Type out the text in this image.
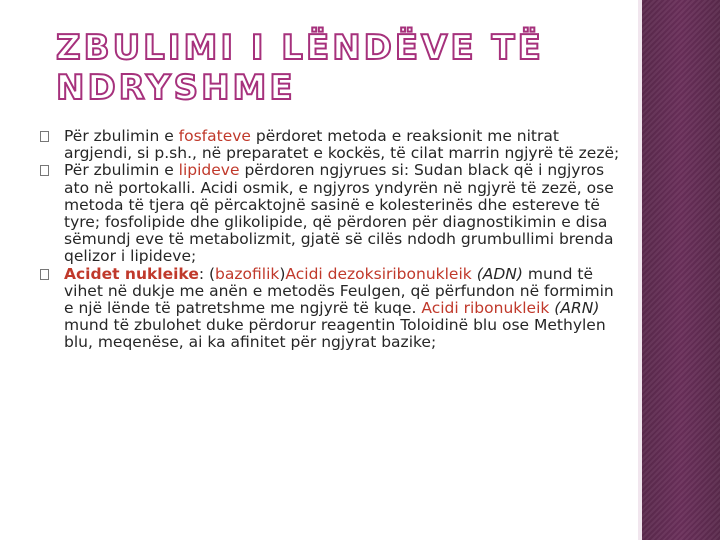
ZBULIMI I LËNDËVE TË NDRYSHME
Për zbulimin e fosfateve përdoret metoda e reaksionit me nitrat argjendi, si p.sh., në preparatet e kockës, të cilat marrin ngjyrë të zezë;
Për zbulimin e lipideve përdoren ngjyrues si: Sudan black që i ngjyros ato në portokalli. Acidi osmik, e ngjyros yndyrën në ngjyrë të zezë, ose metoda të tjera që përcaktojnë sasinë e kolesterinës dhe estereve të tyre; fosfolipide dhe glikolipide, që përdoren për diagnostikimin e disa sëmundj eve të metabolizmit, gjatë së cilës ndodh grumbullimi brenda qelizor i lipideve;
Acidet nukleike: (bazofilik)Acidi dezoksiribonukleik (ADN) mund të vihet në dukje me anën e metodës Feulgen, që përfundon në formimin e një lënde të patretshme me ngjyrë të kuqe. Acidi ribonukleik (ARN) mund të zbulohet duke përdorur reagentin Toloidinë blu ose Methylen blu, meqenëse, ai ka afinitet për ngjyrat bazike;
